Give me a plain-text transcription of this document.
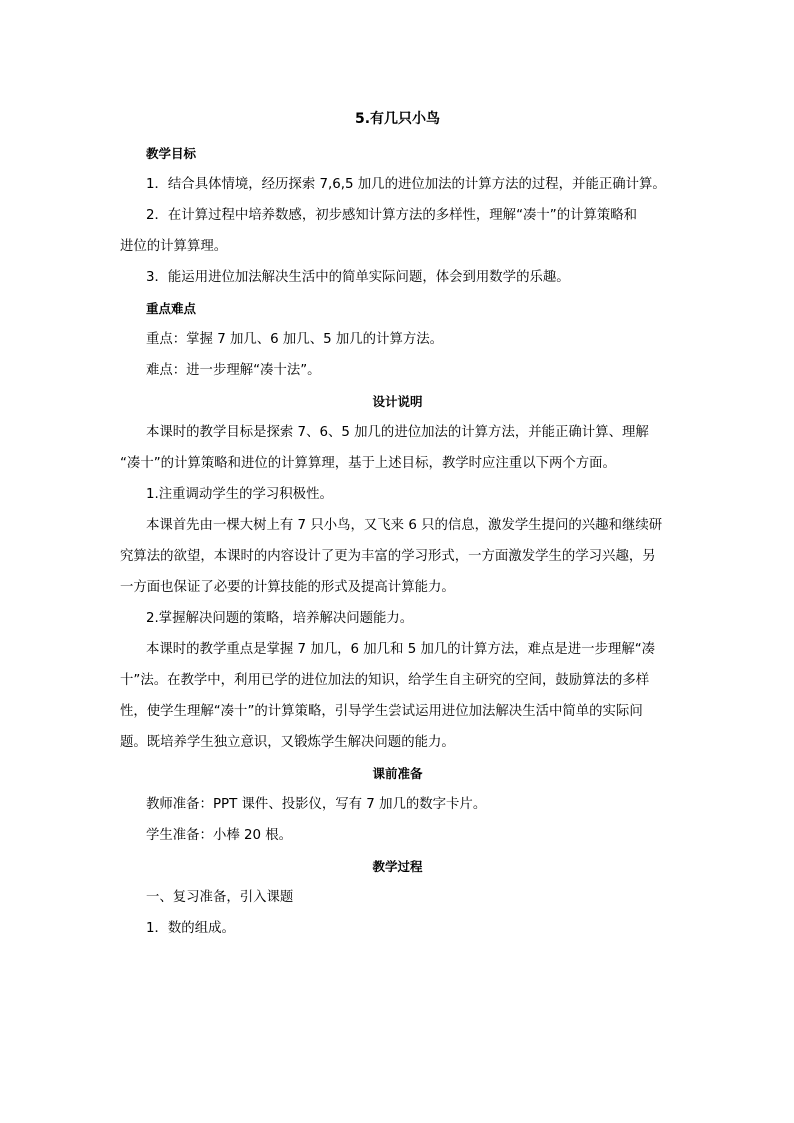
5.有几只小鸟
教学目标
1．结合具体情境，经历探索 7,6,5 加几的进位加法的计算方法的过程，并能正确计算。
2．在计算过程中培养数感，初步感知计算方法的多样性，理解“凑十”的计算策略和
进位的计算算理。
3．能运用进位加法解决生活中的简单实际问题，体会到用数学的乐趣。
重点难点
重点：掌握 7 加几、6 加几、5 加几的计算方法。
难点：进一步理解“凑十法”。
设计说明
本课时的教学目标是探索 7、6、5 加几的进位加法的计算方法，并能正确计算、理解
“凑十”的计算策略和进位的计算算理，基于上述目标，教学时应注重以下两个方面。
1.注重调动学生的学习积极性。
本课首先由一棵大树上有 7 只小鸟，又飞来 6 只的信息，激发学生提问的兴趣和继续研
究算法的欲望，本课时的内容设计了更为丰富的学习形式，一方面激发学生的学习兴趣，另
一方面也保证了必要的计算技能的形式及提高计算能力。
2.掌握解决问题的策略，培养解决问题能力。
本课时的教学重点是掌握 7 加几，6 加几和 5 加几的计算方法，难点是进一步理解“凑
十”法。在教学中，利用已学的进位加法的知识，给学生自主研究的空间，鼓励算法的多样
性，使学生理解“凑十”的计算策略，引导学生尝试运用进位加法解决生活中简单的实际问
题。既培养学生独立意识，又锻炼学生解决问题的能力。
课前准备
教师准备：PPT 课件、投影仪，写有 7 加几的数字卡片。
学生准备：小棒 20 根。
教学过程
一、复习准备，引入课题
1．数的组成。
